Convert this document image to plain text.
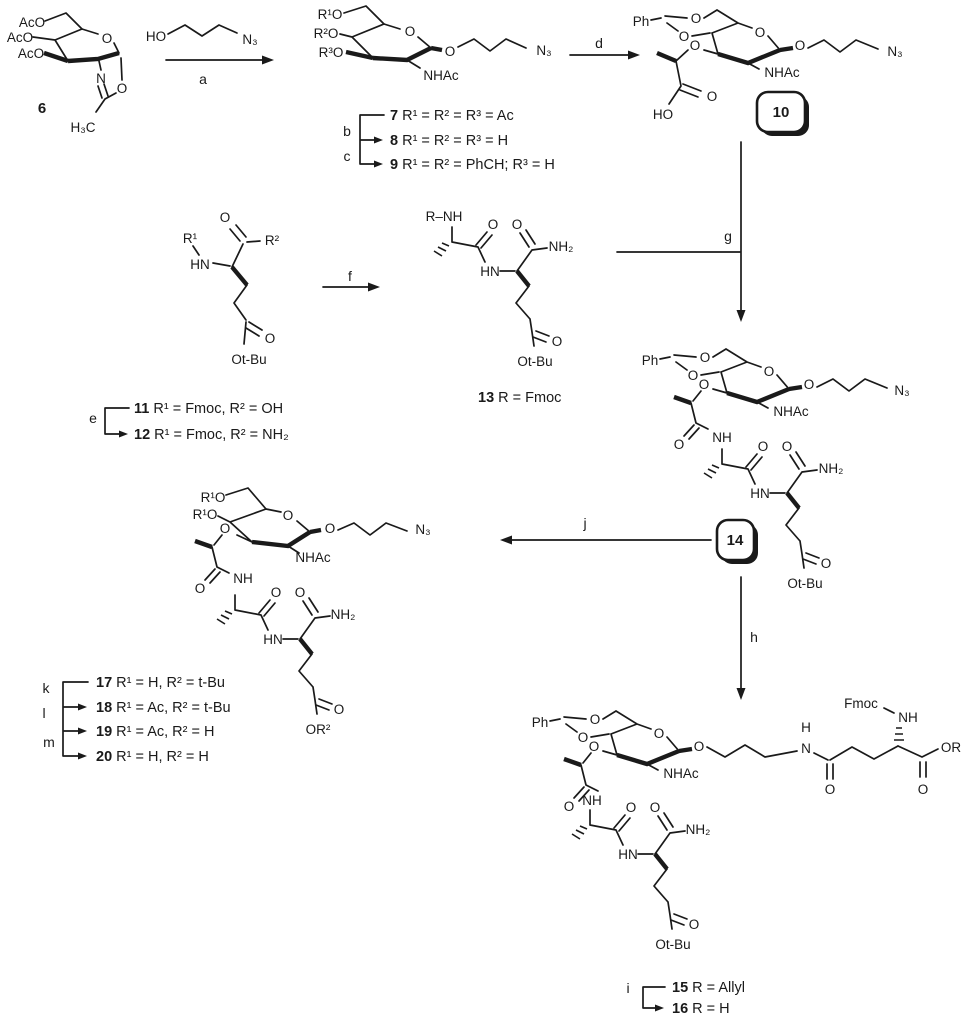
10
14
AcO
AcO
AcO
O
N
O
H₃C
HO	N₃
R¹O
R²O
R³O
O
O
NHAc
N₃
Ph	O
O	O
O
NHAc
O	N₃
O
HO
R¹
O
R²
HN
O
Ot-Bu
R–NH
O O
NH₂
HN
O
Ot-Bu	Ph	O
O	O
O
NHAc
O	N₃
O NH
O O
NH₂
HN
O
Ot-Bu
R¹O
R¹O	O
O
NHAc
O	N₃
O
NH
O O
NH₂
HN
O
OR²	Ph	O
O	O
O
NHAc
O
H
N
O
Fmoc
NH
O
OR
O NH O O
NH₂
HN
O
Ot-Bu
a
b
c
d
e
f
g
h
i
j
k
l
m
6	7 R¹ = R² = R³ = Ac
8 R¹ = R² = R³ = H
9 R¹ = R² = PhCH; R³ = H
11 R¹ = Fmoc, R² = OH
12 R¹ = Fmoc, R² = NH₂
13 R = Fmoc
17 R¹ = H, R² = t-Bu
18 R¹ = Ac, R² = t-Bu
19 R¹ = Ac, R² = H
20 R¹ = H, R² = H
15 R = Allyl
16 R = H
